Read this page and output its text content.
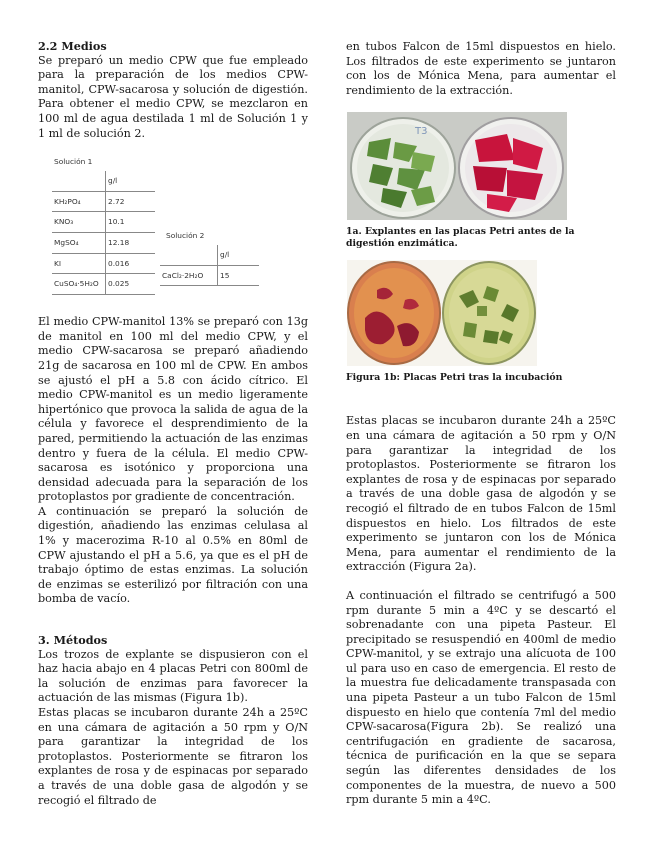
2.2 Medios

Se preparó un medio CPW que fue empleado para la preparación de los medios CPW-manitol, CPW-sacarosa y solución de digestión. Para obtener el medio CPW, se mezclaron en 100 ml de agua destilada 1 ml de Solución 1 y 1 ml de solución 2.

Solución 1
	g/l
KH₂PO₄	2.72
KNO₃	10.1
MgSO₄	12.18
KI	0.016
CuSO₄·5H₂O	0.025
Solución 2
	g/l
CaCl₂·2H₂O	15

El medio CPW-manitol 13% se preparó con 13g de manitol en 100 ml del medio CPW, y el medio CPW-sacarosa se preparó añadiendo 21g de sacarosa en 100 ml de CPW. En ambos se ajustó el pH a 5.8 con ácido cítrico. El medio CPW-manitol es un medio ligeramente hipertónico que provoca la salida de agua de la célula y favorece el desprendimiento de la pared, permitiendo la actuación de las enzimas dentro y fuera de la célula. El medio CPW- sacarosa es isotónico y proporciona una densidad adecuada para la separación de los protoplastos por gradiente de concentración.

A continuación se preparó la solución de digestión, añadiendo las enzimas celulasa al 1% y macerozima R-10 al 0.5% en 80ml de CPW ajustando el pH a 5.6, ya que es el pH de trabajo óptimo de estas enzimas. La solución de enzimas se esterilizó por filtración con una bomba de vacío.

3. Métodos

Los trozos de explante se dispusieron con el haz hacia abajo en 4 placas Petri con 800ml de la solución de enzimas para favorecer la actuación de las mismas (Figura 1b).

Estas placas se incubaron durante 24h a 25ºC en una cámara de agitación a 50 rpm y O/N para garantizar la integridad de los protoplastos. Posteriormente se fitraron los explantes de rosa y de espinacas por separado a través de una doble gasa de algodón y se recogió el filtrado de

en tubos Falcon de 15ml dispuestos en hielo. Los filtrados de este experimento se juntaron con los de Mónica Mena, para aumentar el rendimiento de la extracción.

T3

1a. Explantes en las placas Petri antes de la digestión enzimática.

Figura 1b: Placas Petri tras la incubación

Estas placas se incubaron durante 24h a 25ºC en una cámara de agitación a 50 rpm y O/N para garantizar la integridad de los protoplastos. Posteriormente se fitraron los explantes de rosa y de espinacas por separado a través de una doble gasa de algodón y se recogió el filtrado de en tubos Falcon de 15ml dispuestos en hielo. Los filtrados de este experimento se juntaron con los de Mónica Mena, para aumentar el rendimiento de la extracción (Figura 2a).

A continuación el filtrado se centrifugó a 500 rpm durante 5 min a 4ºC y se descartó el sobrenadante con una pipeta Pasteur. El precipitado se resuspendió en 400ml de medio CPW-manitol, y se extrajo una alícuota de 100 ul para uso en caso de emergencia. El resto de la muestra fue delicadamente transpasada con una pipeta Pasteur a un tubo Falcon de 15ml dispuesto en hielo que contenía 7ml del medio CPW-sacarosa(Figura 2b). Se realizó una centrifugación en gradiente de sacarosa, técnica de purificación en la que se separa según las diferentes densidades de los componentes de la muestra, de nuevo a 500 rpm durante 5 min a 4ºC.
